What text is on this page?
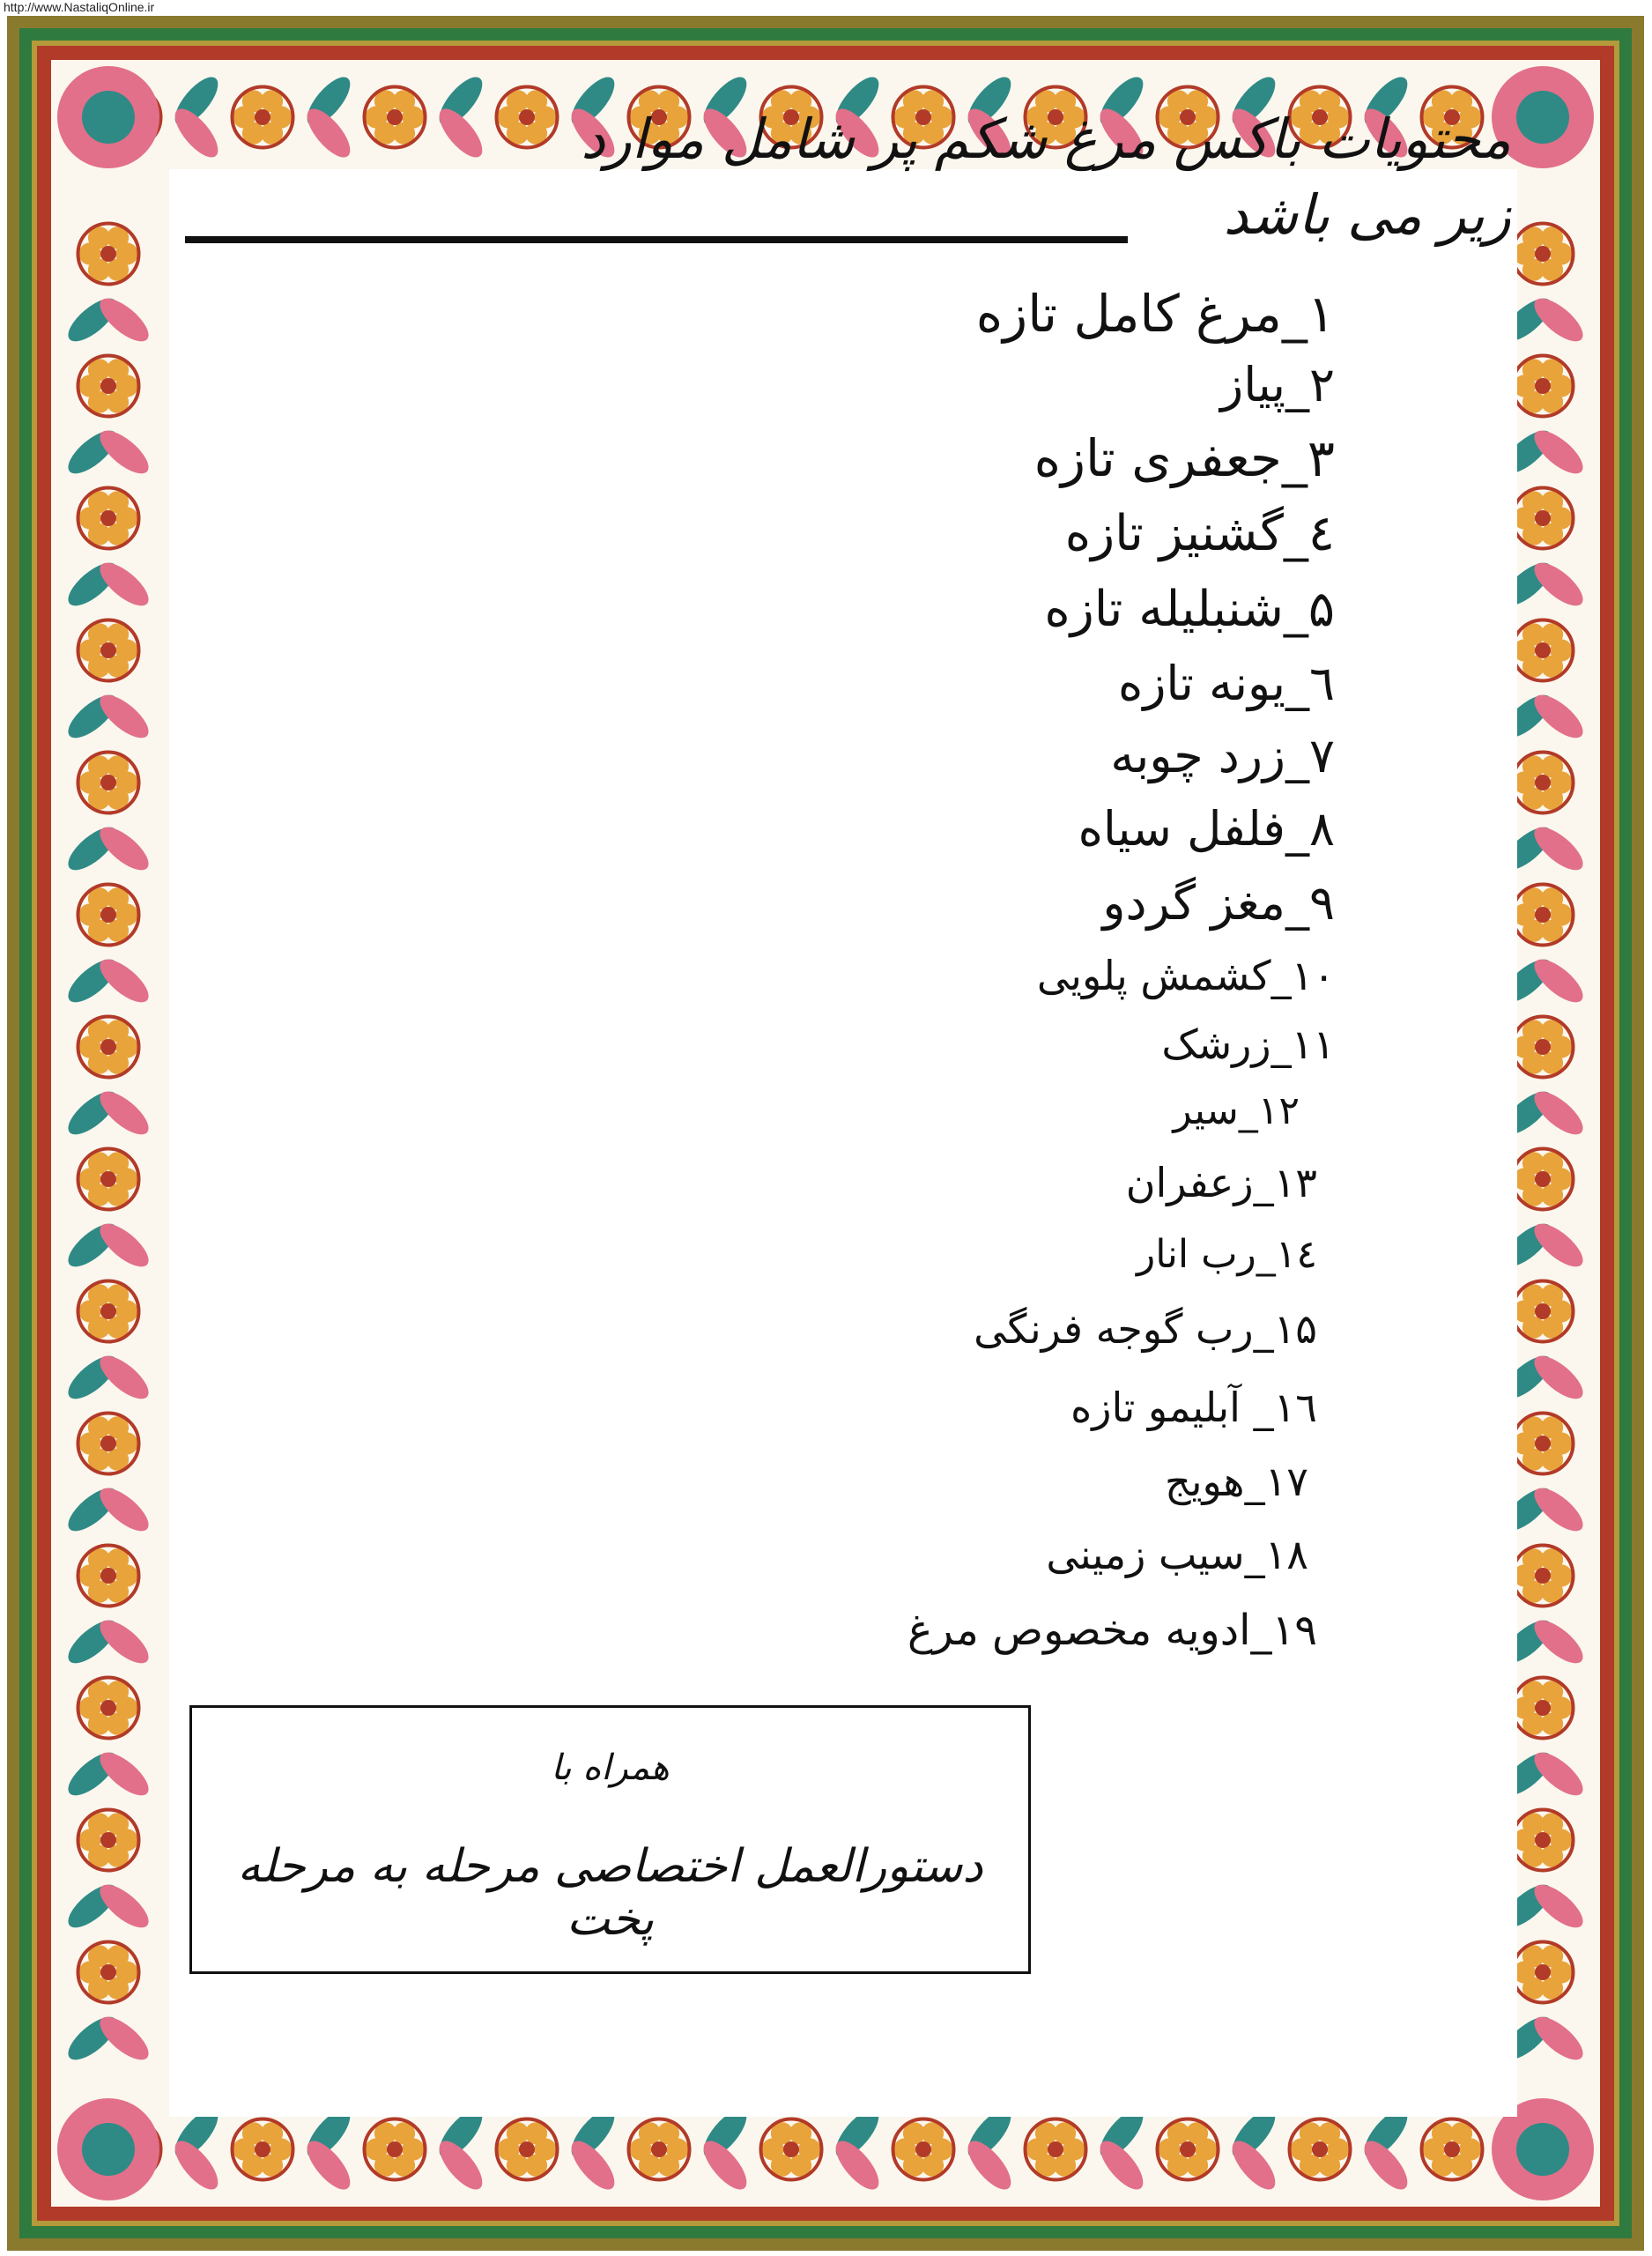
http://www.NastaliqOnline.ir
محتویات باکس مرغ شکم پر شامل موارد زیر می باشد
۱_مرغ کامل تازه
۲_پیاز
۳_جعفری تازه
٤_گشنیز تازه
۵_شنبلیله تازه
٦_یونه تازه
۷_زرد چوبه
۸_فلفل سیاه
۹_مغز گردو
۱۰_کشمش پلویی
۱۱_زرشک
۱۲_سیر
۱۳_زعفران
۱٤_رب انار
۱۵_رب گوجه فرنگی
۱٦_ آبلیمو تازه
۱۷_هویج
۱۸_سیب زمینی
۱۹_ادویه مخصوص مرغ
همراه با
دستورالعمل اختصاصی مرحله به مرحله پخت
